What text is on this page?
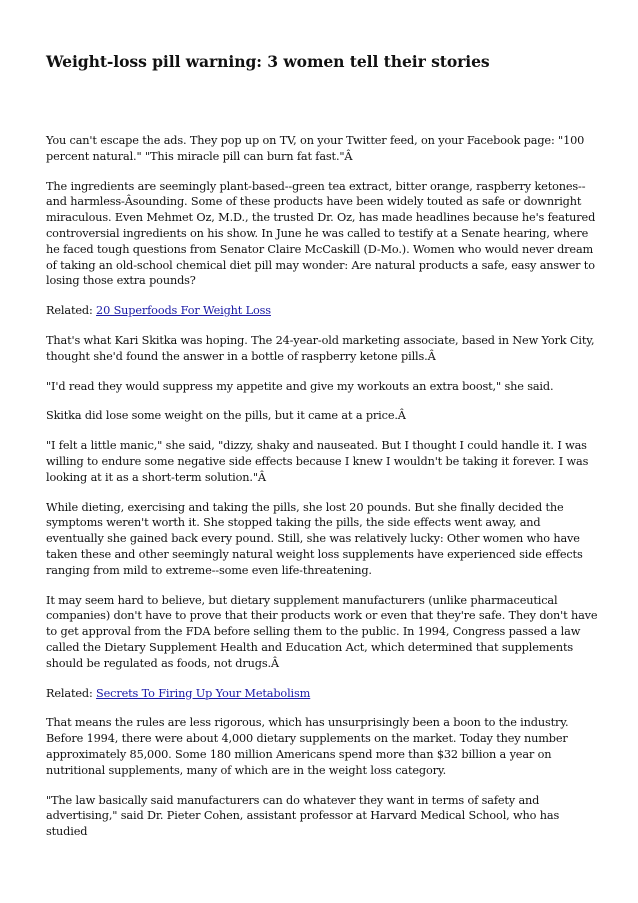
Weight-loss pill warning: 3 women tell their stories

You can't escape the ads. They pop up on TV, on your Twitter feed, on your Facebook page: "100 percent natural." "This miracle pill can burn fat fast."Â

The ingredients are seemingly plant-based--green tea extract, bitter orange, raspberry ketones--and harmless-Âsounding. Some of these products have been widely touted as safe or downright miraculous. Even Mehmet Oz, M.D., the trusted Dr. Oz, has made headlines because he's featured controversial ingredients on his show. In June he was called to testify at a Senate hearing, where he faced tough questions from Senator Claire McCaskill (D-Mo.). Women who would never dream of taking an old-school chemical diet pill may wonder: Are natural products a safe, easy answer to losing those extra pounds?

Related: 20 Superfoods For Weight Loss

That's what Kari Skitka was hoping. The 24-year-old marketing associate, based in New York City, thought she'd found the answer in a bottle of raspberry ketone pills.Â

"I'd read they would suppress my appetite and give my workouts an extra boost," she said.

Skitka did lose some weight on the pills, but it came at a price.Â

"I felt a little manic," she said, "dizzy, shaky and nauseated. But I thought I could handle it. I was willing to endure some negative side effects because I knew I wouldn't be taking it forever. I was looking at it as a short-term solution."Â

While dieting, exercising and taking the pills, she lost 20 pounds. But she finally decided the symptoms weren't worth it. She stopped taking the pills, the side effects went away, and eventually she gained back every pound. Still, she was relatively lucky: Other women who have taken these and other seemingly natural weight loss supplements have experienced side effects ranging from mild to extreme--some even life-threatening.

It may seem hard to believe, but dietary supplement manufacturers (unlike pharmaceutical companies) don't have to prove that their products work or even that they're safe. They don't have to get approval from the FDA before selling them to the public. In 1994, Congress passed a law called the Dietary Supplement Health and Education Act, which determined that supplements should be regulated as foods, not drugs.Â

Related: Secrets To Firing Up Your Metabolism

That means the rules are less rigorous, which has unsurprisingly been a boon to the industry. Before 1994, there were about 4,000 dietary supplements on the market. Today they number approximately 85,000. Some 180 million Americans spend more than $32 billion a year on nutritional supplements, many of which are in the weight loss category.

"The law basically said manufacturers can do whatever they want in terms of safety and advertising," said Dr. Pieter Cohen, assistant professor at Harvard Medical School, who has studied
